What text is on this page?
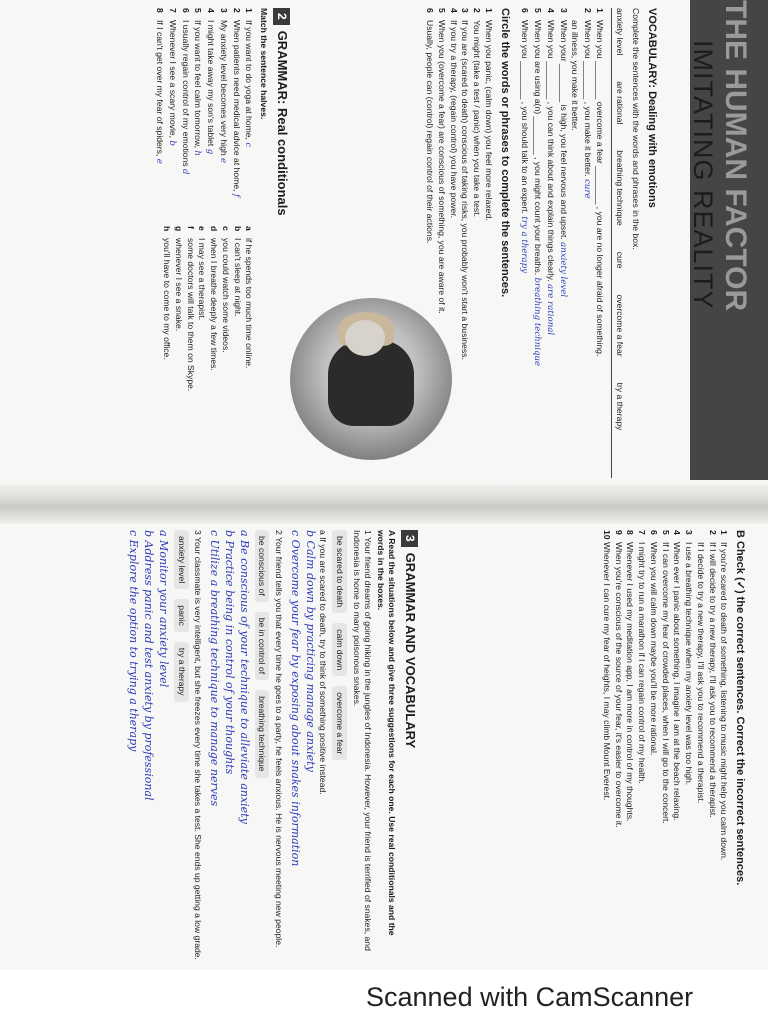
THE HUMAN FACTOR
IMITATING REALITY
VOCABULARY: Dealing with emotions
Complete the sentences with the words and phrases in the box.
anxiety level
are rational
breathing technique
cure
overcome a fear
try a therapy
1When you ________ overcome a fear ________ , you are no longer afraid of something.
2When you ________ , you make it better. cure
an illness, you make it better.
3When your ________ is high, you feel nervous and upset. anxiety level
4When you ________ , you can think about and explain things clearly. are rational
5When you are using a(n) ________ , you might count your breaths. breathing technique
6When you ________ , you should talk to an expert. try a therapy
Circle the words or phrases to complete the sentences.
1When you panic, (calm down) you feel more relaxed.
2You might (take a test / panic) when you take a test.
3If you are (scared to death) conscious of taking risks, you probably won't start a business.
4If you try a therapy, (regain control) you have power.
5When you (overcome a fear) are conscious of something, you are aware of it.
6Usually, people can (control) regain control of their actions.
2GRAMMAR: Real conditionals
Match the sentence halves.
1If you want to do yoga at home, c
2When patients need medical advice at home, f
3My anxiety level becomes very high e
4I might take away my son's tablet g
5If you want to feel calm tomorrow, h
6I usually regain control of my emotions d
7Whenever I see a scary movie, b
8If I can't get over my fear of spiders, e
aif he spends too much time online.
bI can't sleep at night.
cyou could watch some videos.
dwhen I breathe deeply a few times.
eI may see a therapist.
fsome doctors will talk to them on Skype.
gwhenever I see a snake.
hyou'll have to come to my office.
B Check (✓) the correct sentences. Correct the incorrect sentences.
1If you're scared to death of something, listening to music might help you calm down.
2If I will decide to try a new therapy, I'll ask you to recommend a therapist.
If I decide to try a new therapy, I'll ask you to recommend a therapist.
3I use a breathing technique when my anxiety level was too high.
4When ever I panic about something, I imagine I am at the beach relaxing.
5If I can overcome my fear of crowded places, when I will go to the concert.
6When you will calm down maybe you'll be more rational.
7I might try to run a marathon if I can regain control of my health.
8Whenever I used my meditation app, I am more in control of my thoughts.
9When you're conscious of the source of your fear, it's easier to overcome it.
10Whenever I can cure my fear of heights, I may climb Mount Everest.
3GRAMMAR AND VOCABULARY
A Read the situations below and give three suggestions for each one. Use real conditionals and the words in the boxes.
1 Your friend dreams of going hiking in the jungles of Indonesia. However, your friend is terrified of snakes, and Indonesia is home to many poisonous snakes.
be scared to deathcalm downovercome a fear
a If you are scared to death, try to think of something positive instead.
b Calm down by practicing manage anxiety
c Overcome your fear by exposing about snakes information
2 Your friend tells you that every time he goes to a party, he feels anxious. He is nervous meeting new people.
be conscious ofbe in control ofbreathing technique
a Be conscious of your technique to alleviate anxiety
b Practice being in control of your thoughts
c Utilize a breathing technique to manage nerves
3 Your classmate is very intelligent, but she freezes every time she takes a test. She ends up getting a low grade.
anxiety levelpanictry a therapy
a Monitor your anxiety level
b Address panic and test anxiety by professional
c Explore the option to trying a therapy
Scanned with CamScanner
